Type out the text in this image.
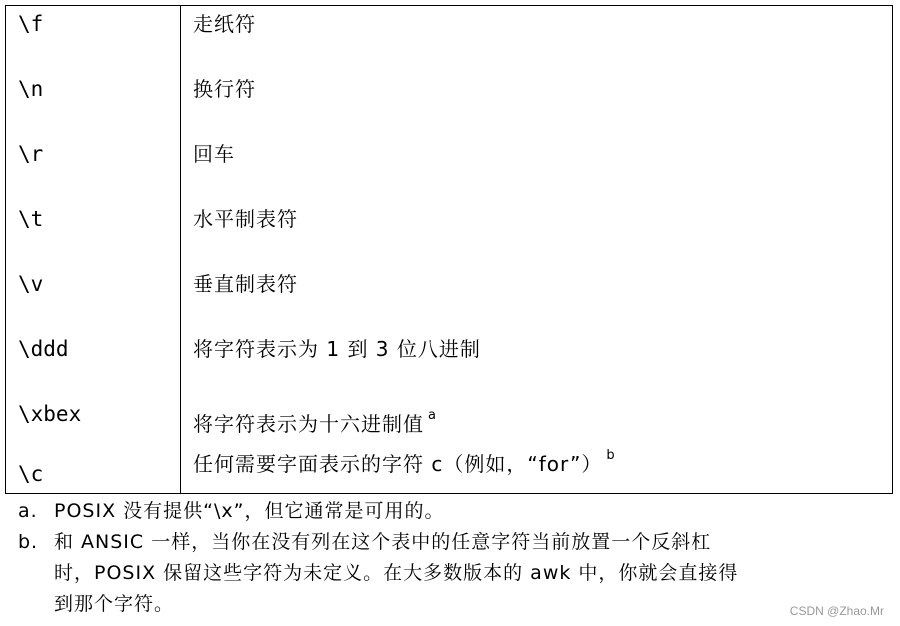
\f	走纸符
\n	换行符
\r	回车
\t	水平制表符
\v	垂直制表符
\ddd	将字符表示为 1 到 3 位八进制
\xbex	将字符表示为十六进制值 $^a$
\c	任何需要字面表示的字符 c（例如，“for”） $^b$
a. POSIX 没有提供“\x”，但它通常是可用的。
b. 和 ANSIC 一样，当你在没有列在这个表中的任意字符当前放置一个反斜杠
时，POSIX 保留这些字符为未定义。在大多数版本的 awk 中，你就会直接得
到那个字符。	CSDN @Zhao.Mr
